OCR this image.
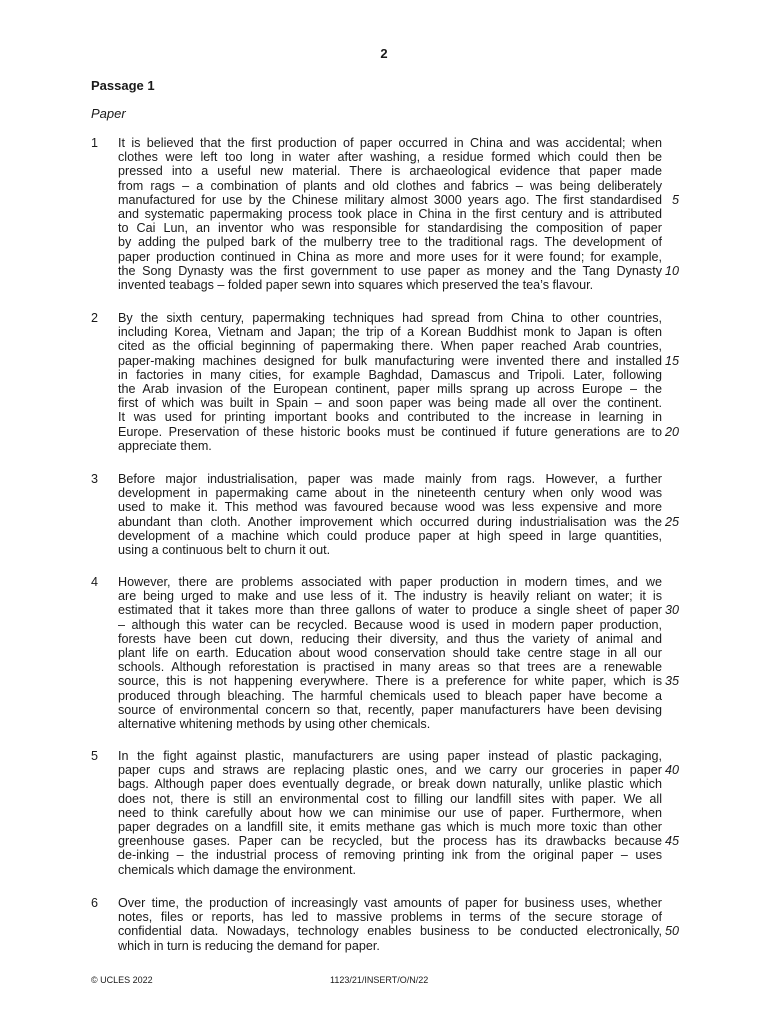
2
Passage 1
Paper
1 It is believed that the first production of paper occurred in China and was accidental; when
clothes were left too long in water after washing, a residue formed which could then be
pressed into a useful new material. There is archaeological evidence that paper made
from rags – a combination of plants and old clothes and fabrics – was being deliberately
manufactured for use by the Chinese military almost 3000 years ago. The first standardised
and systematic papermaking process took place in China in the first century and is attributed
to Cai Lun, an inventor who was responsible for standardising the composition of paper
by adding the pulped bark of the mulberry tree to the traditional rags. The development of
paper production continued in China as more and more uses for it were found; for example,
the Song Dynasty was the first government to use paper as money and the Tang Dynasty
invented teabags – folded paper sewn into squares which preserved the tea’s flavour.
2 By the sixth century, papermaking techniques had spread from China to other countries,
including Korea, Vietnam and Japan; the trip of a Korean Buddhist monk to Japan is often
cited as the official beginning of papermaking there. When paper reached Arab countries,
paper-making machines designed for bulk manufacturing were invented there and installed
in factories in many cities, for example Baghdad, Damascus and Tripoli. Later, following
the Arab invasion of the European continent, paper mills sprang up across Europe – the
first of which was built in Spain – and soon paper was being made all over the continent.
It was used for printing important books and contributed to the increase in learning in
Europe. Preservation of these historic books must be continued if future generations are to
appreciate them.
3 Before major industrialisation, paper was made mainly from rags. However, a further
development in papermaking came about in the nineteenth century when only wood was
used to make it. This method was favoured because wood was less expensive and more
abundant than cloth. Another improvement which occurred during industrialisation was the
development of a machine which could produce paper at high speed in large quantities,
using a continuous belt to churn it out.
4 However, there are problems associated with paper production in modern times, and we
are being urged to make and use less of it. The industry is heavily reliant on water; it is
estimated that it takes more than three gallons of water to produce a single sheet of paper
– although this water can be recycled. Because wood is used in modern paper production,
forests have been cut down, reducing their diversity, and thus the variety of animal and
plant life on earth. Education about wood conservation should take centre stage in all our
schools. Although reforestation is practised in many areas so that trees are a renewable
source, this is not happening everywhere. There is a preference for white paper, which is
produced through bleaching. The harmful chemicals used to bleach paper have become a
source of environmental concern so that, recently, paper manufacturers have been devising
alternative whitening methods by using other chemicals.
5 In the fight against plastic, manufacturers are using paper instead of plastic packaging,
paper cups and straws are replacing plastic ones, and we carry our groceries in paper
bags. Although paper does eventually degrade, or break down naturally, unlike plastic which
does not, there is still an environmental cost to filling our landfill sites with paper. We all
need to think carefully about how we can minimise our use of paper. Furthermore, when
paper degrades on a landfill site, it emits methane gas which is much more toxic than other
greenhouse gases. Paper can be recycled, but the process has its drawbacks because
de-inking – the industrial process of removing printing ink from the original paper – uses
chemicals which damage the environment.
6 Over time, the production of increasingly vast amounts of paper for business uses, whether
notes, files or reports, has led to massive problems in terms of the secure storage of
confidential data. Nowadays, technology enables business to be conducted electronically,
which in turn is reducing the demand for paper.
5
10
15
20
25
30
35
40
45
50
© UCLES 2022	1123/21/INSERT/O/N/22
